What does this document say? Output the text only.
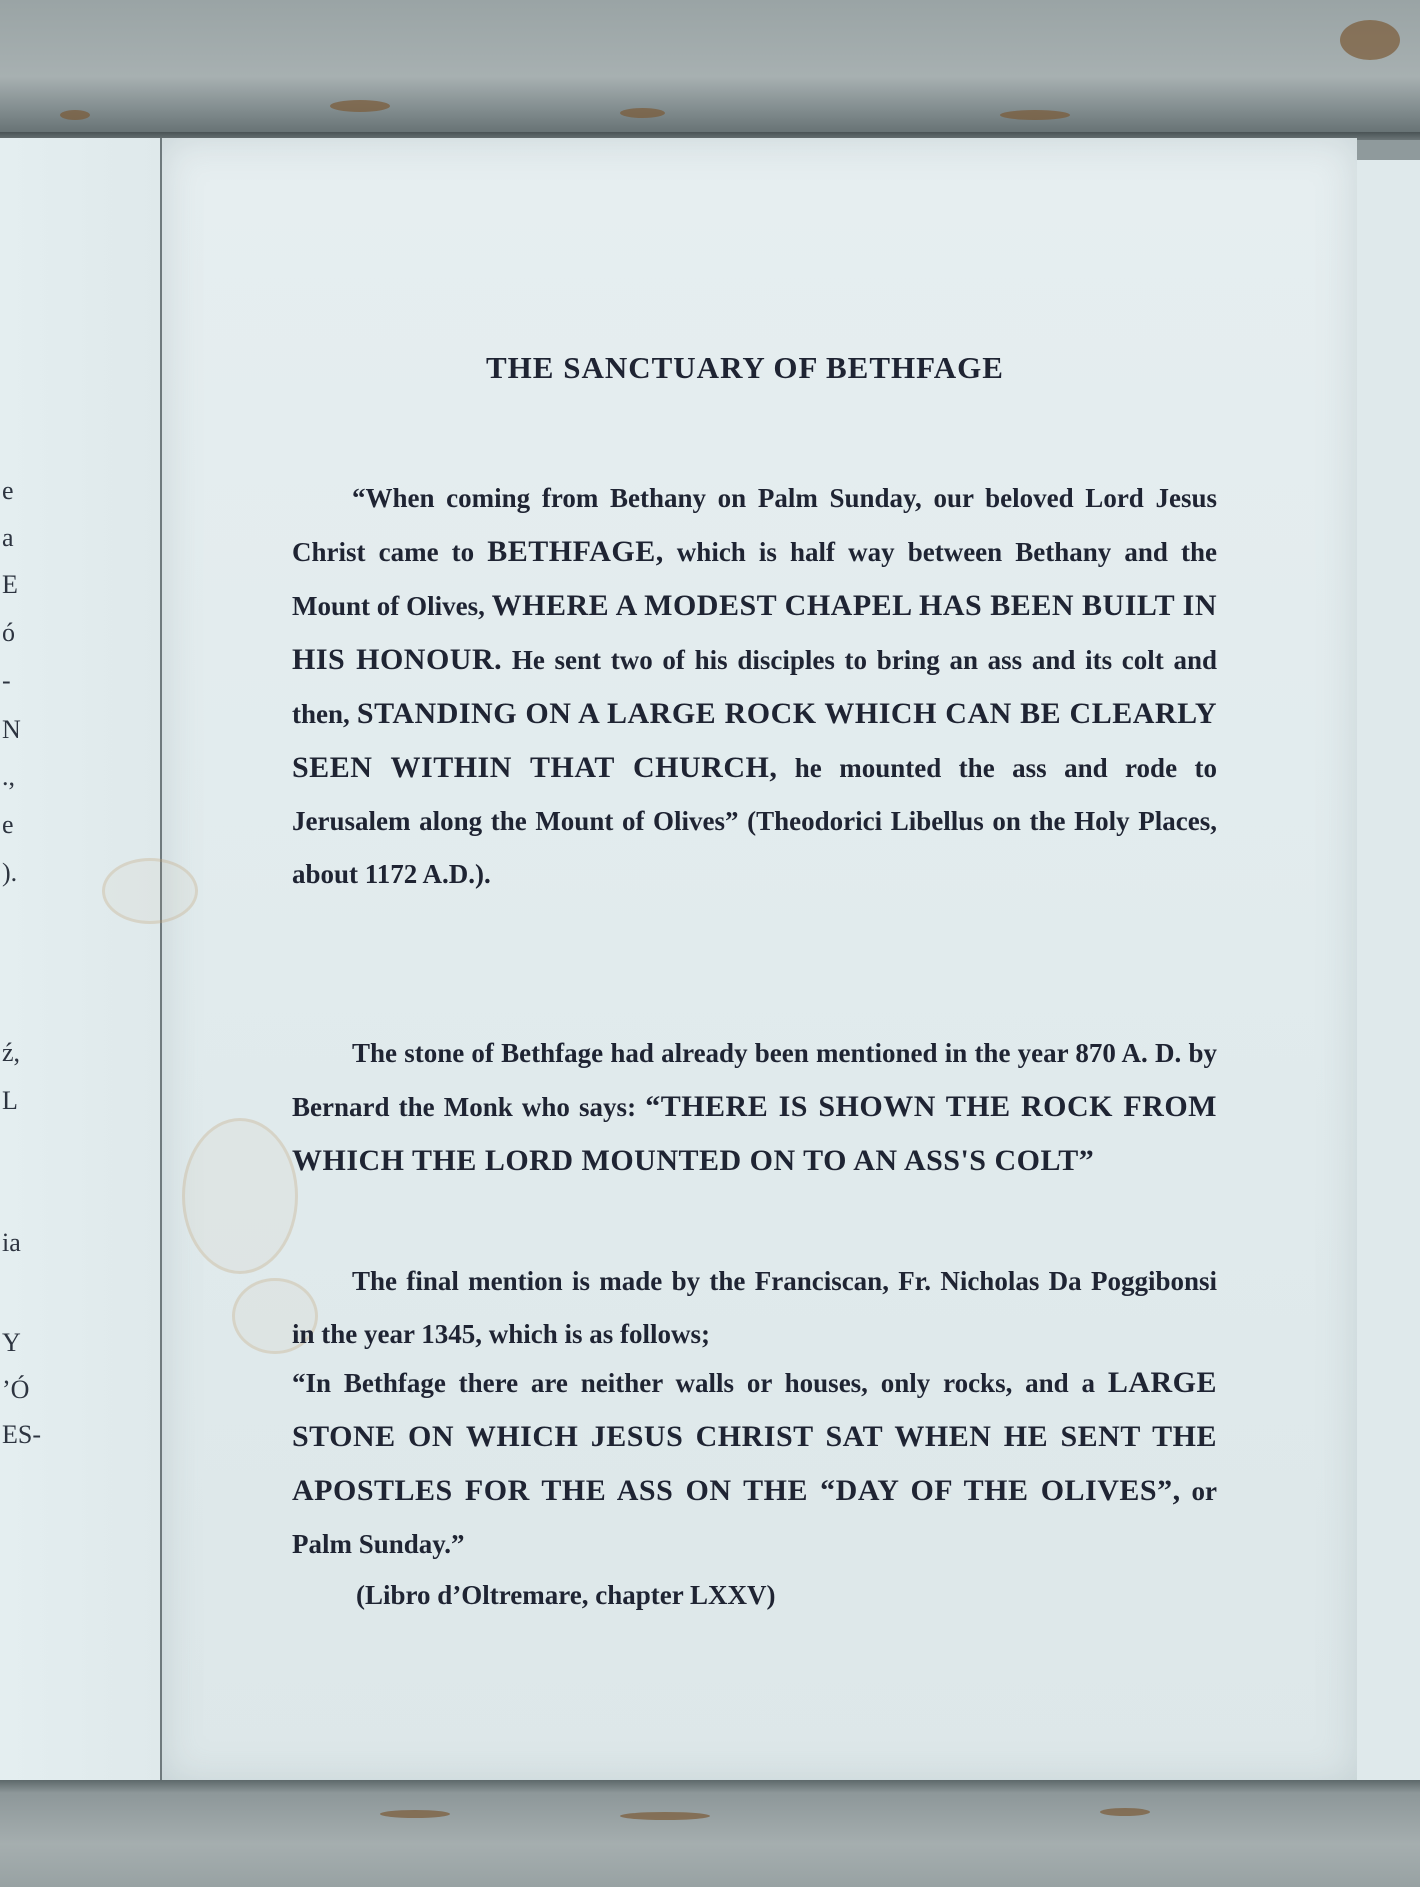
e
a
E
ó
-
N
.,
e
).
ź,
L
ia
Y
’Ó
ES-
THE SANCTUARY OF BETHFAGE
“When coming from Bethany on Palm Sunday, our beloved Lord Jesus Christ came to BETHFAGE, which is half way between Bethany and the Mount of Olives, WHERE A MODEST CHAPEL HAS BEEN BUILT IN HIS HONOUR. He sent two of his disciples to bring an ass and its colt and then, STANDING ON A LARGE ROCK WHICH CAN BE CLEARLY SEEN WITHIN THAT CHURCH, he mounted the ass and rode to Jerusalem along the Mount of Olives” (Theodorici Libellus on the Holy Places, about 1172 A.D.).
The stone of Bethfage had already been mentioned in the year 870 A. D. by Bernard the Monk who says: “THERE IS SHOWN THE ROCK FROM WHICH THE LORD MOUNTED ON TO AN ASS'S COLT”
The final mention is made by the Franciscan, Fr. Nicholas Da Poggibonsi in the year 1345, which is as follows;
“In Bethfage there are neither walls or houses, only rocks, and a LARGE STONE ON WHICH JESUS CHRIST SAT WHEN HE SENT THE APOSTLES FOR THE ASS ON THE “DAY OF THE OLIVES”, or Palm Sunday.”
(Libro d’Oltremare, chapter LXXV)
